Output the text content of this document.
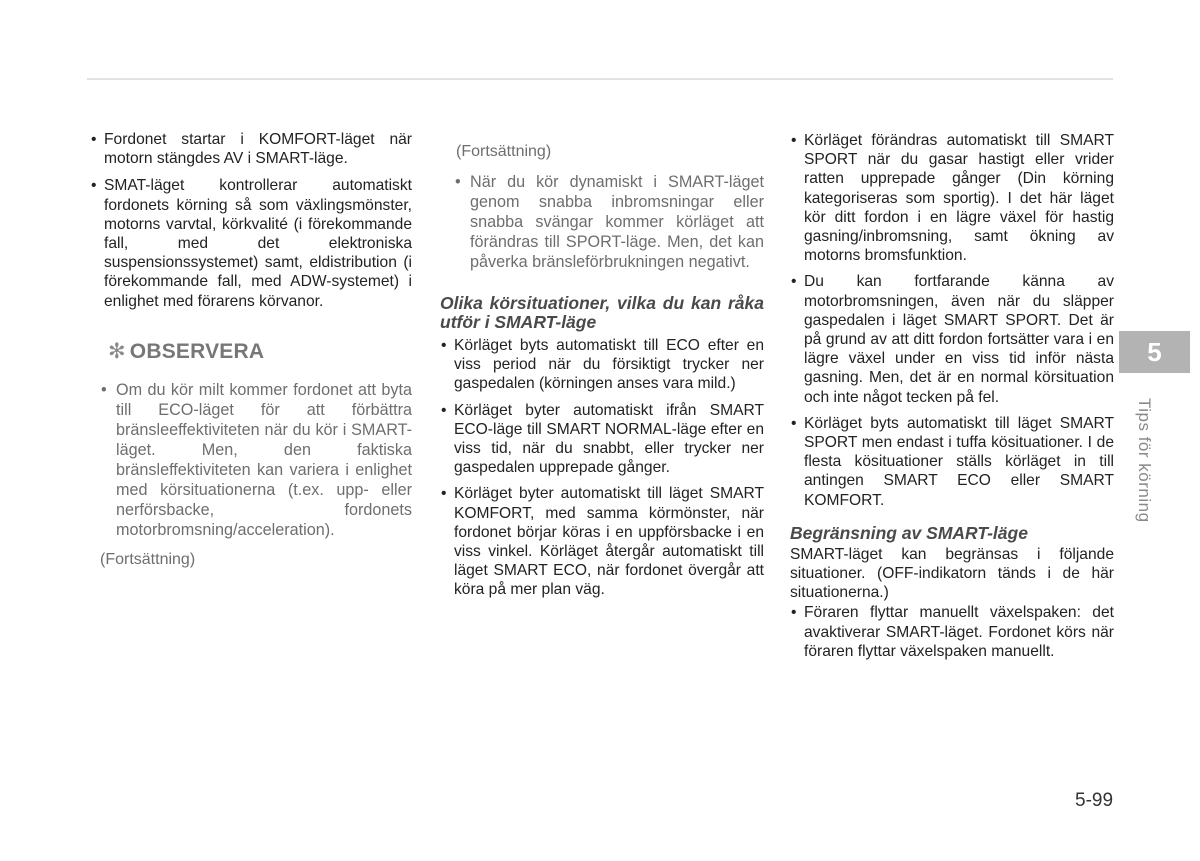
• Fordonet startar i KOMFORT-läget när motorn stängdes AV i SMART-läge.
• SMAT-läget kontrollerar automatiskt fordonets körning så som växlingsmönster, motorns varvtal, körkvalité (i förekommande fall, med det elektroniska suspensionssystemet) samt, eldistribution (i förekommande fall, med ADW-systemet) i enlighet med förarens körvanor.
✻ OBSERVERA
• Om du kör milt kommer fordonet att byta till ECO-läget för att förbättra bränsleeffektiviteten när du kör i SMART-läget. Men, den faktiska bränsleffektiviteten kan variera i enlighet med körsituationerna (t.ex. upp- eller nerförsbacke, fordonets motorbromsning/acceleration).
(Fortsättning)
(Fortsättning)
• När du kör dynamiskt i SMART-läget genom snabba inbromsningar eller snabba svängar kommer körläget att förändras till SPORT-läge. Men, det kan påverka bränsleförbrukningen negativt.
Olika körsituationer, vilka du kan råka utför i SMART-läge
• Körläget byts automatiskt till ECO efter en viss period när du försiktigt trycker ner gaspedalen (körningen anses vara mild.)
• Körläget byter automatiskt ifrån SMART ECO-läge till SMART NORMAL-läge efter en viss tid, när du snabbt, eller trycker ner gaspedalen upprepade gånger.
• Körläget byter automatiskt till läget SMART KOMFORT, med samma körmönster, när fordonet börjar köras i en uppförsbacke i en viss vinkel. Körläget återgår automatiskt till läget SMART ECO, när fordonet övergår att köra på mer plan väg.
• Körläget förändras automatiskt till SMART SPORT när du gasar hastigt eller vrider ratten upprepade gånger (Din körning kategoriseras som sportig). I det här läget kör ditt fordon i en lägre växel för hastig gasning/inbromsning, samt ökning av motorns bromsfunktion.
• Du kan fortfarande känna av motorbromsningen, även när du släpper gaspedalen i läget SMART SPORT. Det är på grund av att ditt fordon fortsätter vara i en lägre växel under en viss tid inför nästa gasning. Men, det är en normal körsituation och inte något tecken på fel.
• Körläget byts automatiskt till läget SMART SPORT men endast i tuffa kösituationer. I de flesta kösituationer ställs körläget in till antingen SMART ECO eller SMART KOMFORT.
Begränsning av SMART-läge
SMART-läget kan begränsas i följande situationer. (OFF-indikatorn tänds i de här situationerna.)
• Föraren flyttar manuellt växelspaken: det avaktiverar SMART-läget. Fordonet körs när föraren flyttar växelspaken manuellt.
5
Tips för körning
5-99
